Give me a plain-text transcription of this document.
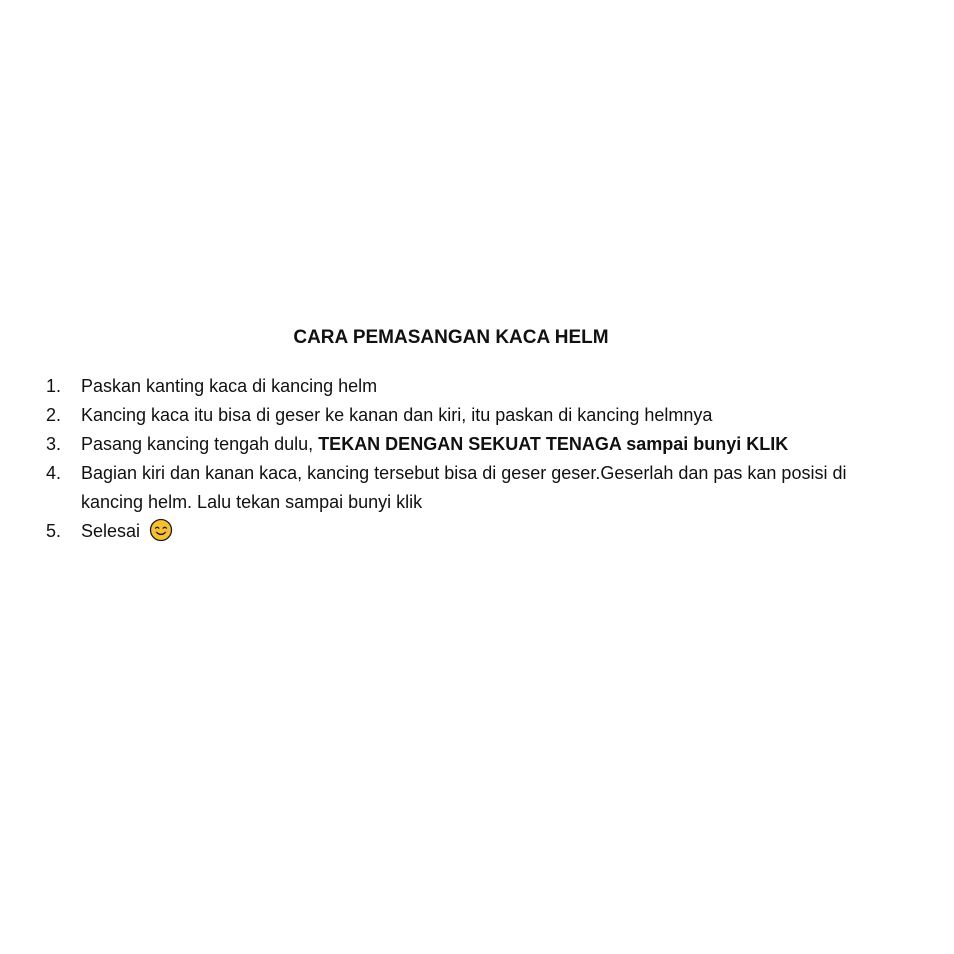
CARA PEMASANGAN KACA HELM
1. Paskan kanting kaca di kancing helm
2. Kancing kaca itu bisa di geser ke kanan dan kiri, itu paskan di kancing helmnya
3. Pasang kancing tengah dulu, TEKAN DENGAN SEKUAT TENAGA sampai bunyi KLIK
4. Bagian kiri dan kanan kaca, kancing tersebut bisa di geser geser.Geserlah dan pas kan posisi di kancing helm. Lalu tekan sampai bunyi klik
5. Selesai
